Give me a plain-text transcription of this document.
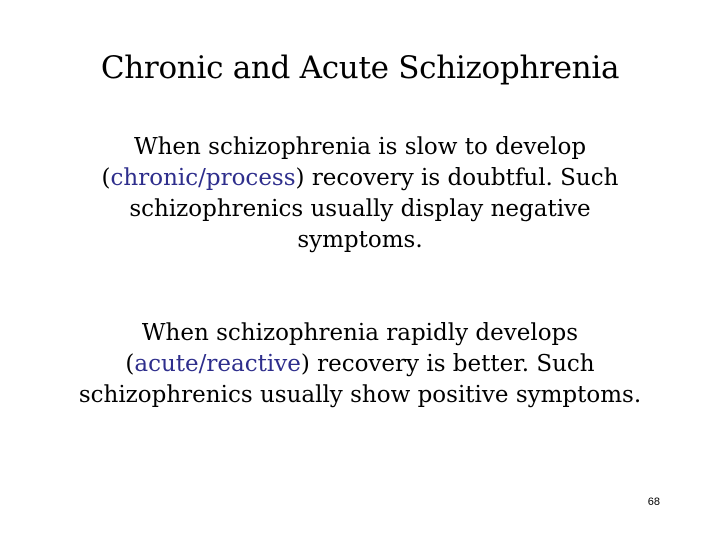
Chronic and Acute Schizophrenia
When schizophrenia is slow to develop
(chronic/process) recovery is doubtful. Such
schizophrenics usually display negative
symptoms.
When schizophrenia rapidly develops
(acute/reactive) recovery is better. Such
schizophrenics usually show positive symptoms.
68
